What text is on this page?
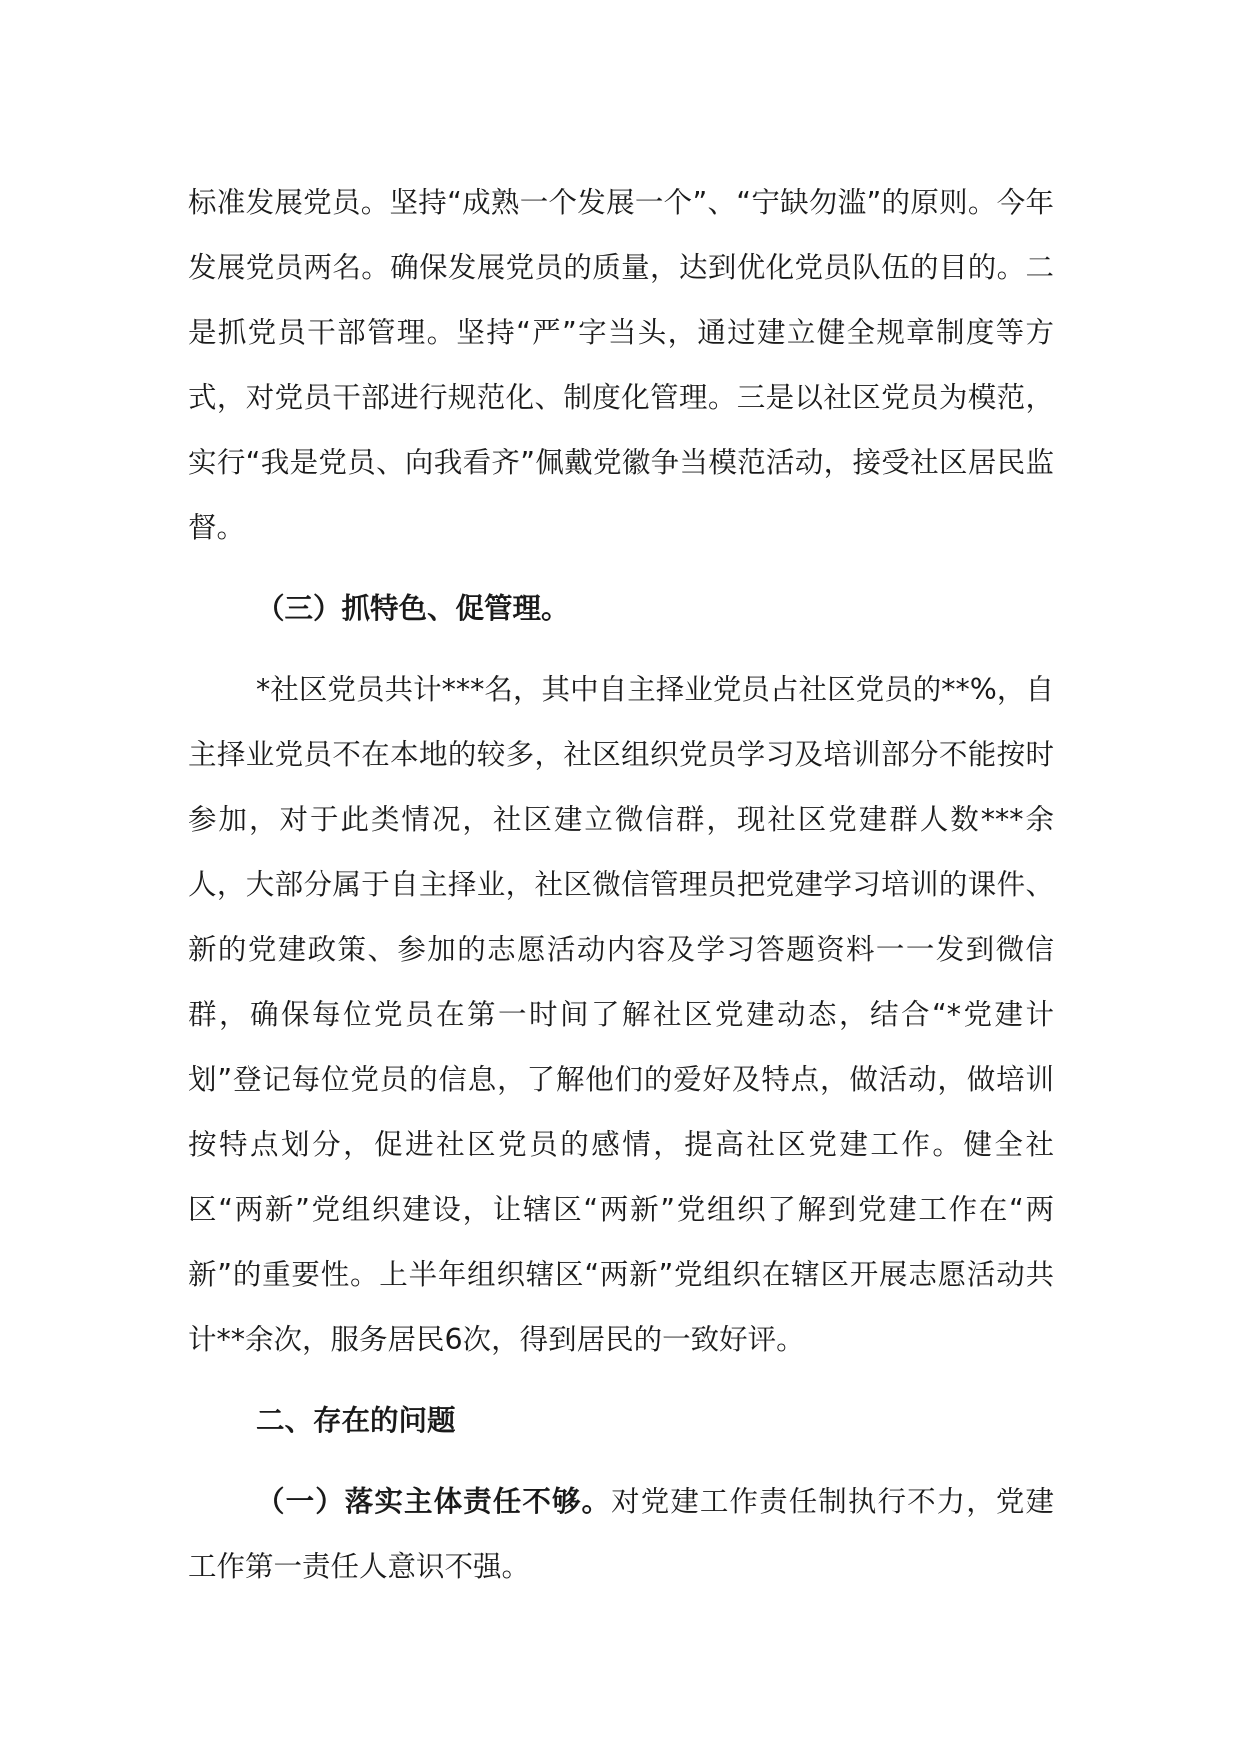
标准发展党员。坚持“成熟一个发展一个”、“宁缺勿滥”的原则。今年发展党员两名。确保发展党员的质量，达到优化党员队伍的目的。二是抓党员干部管理。坚持“严”字当头，通过建立健全规章制度等方式，对党员干部进行规范化、制度化管理。三是以社区党员为模范，实行“我是党员、向我看齐”佩戴党徽争当模范活动，接受社区居民监督。

（三）抓特色、促管理。

*社区党员共计***名，其中自主择业党员占社区党员的**%，自主择业党员不在本地的较多，社区组织党员学习及培训部分不能按时参加，对于此类情况，社区建立微信群，现社区党建群人数***余人，大部分属于自主择业，社区微信管理员把党建学习培训的课件、新的党建政策、参加的志愿活动内容及学习答题资料一一发到微信群，确保每位党员在第一时间了解社区党建动态，结合“*党建计划”登记每位党员的信息，了解他们的爱好及特点，做活动，做培训按特点划分，促进社区党员的感情，提高社区党建工作。健全社区“两新”党组织建设，让辖区“两新”党组织了解到党建工作在“两新”的重要性。上半年组织辖区“两新”党组织在辖区开展志愿活动共计**余次，服务居民6次，得到居民的一致好评。

二、存在的问题

（一）落实主体责任不够。对党建工作责任制执行不力，党建工作第一责任人意识不强。
